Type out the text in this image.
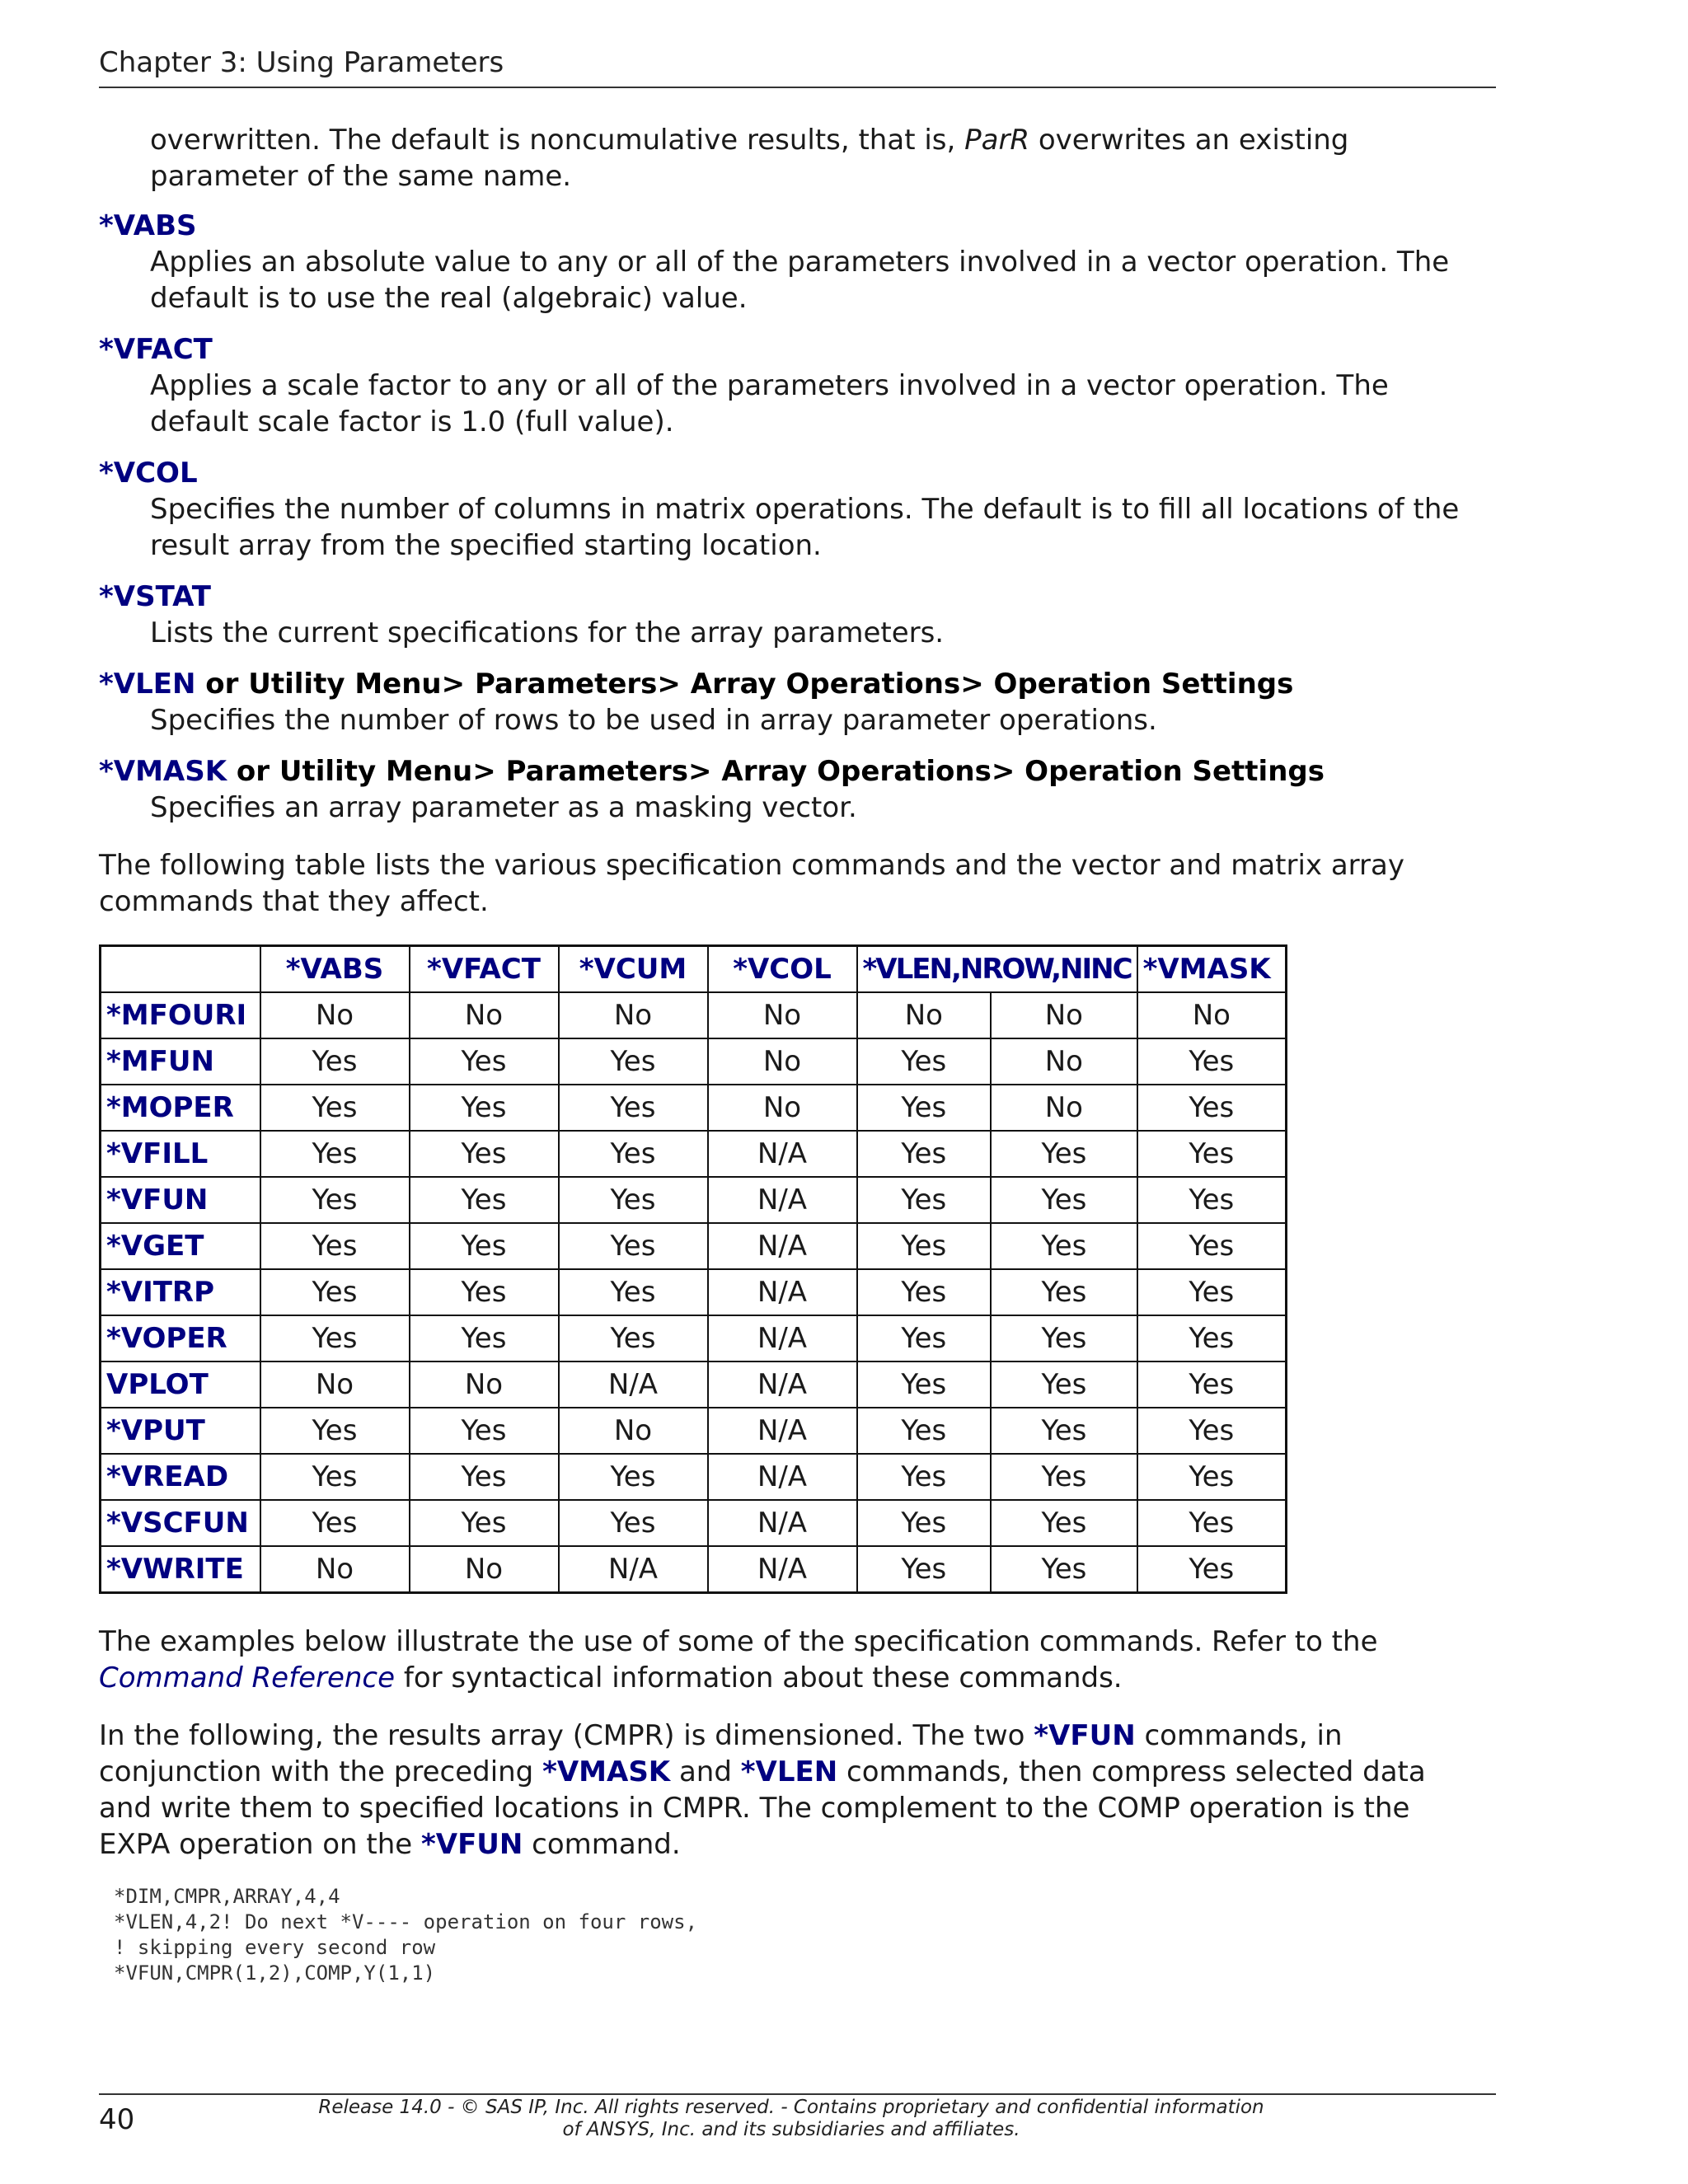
Chapter 3: Using Parameters

overwritten. The default is noncumulative results, that is, ParR overwrites an existing parameter of the same name.

*VABS

Applies an absolute value to any or all of the parameters involved in a vector operation. The default is to use the real (algebraic) value.

*VFACT

Applies a scale factor to any or all of the parameters involved in a vector operation. The default scale factor is 1.0 (full value).

*VCOL

Specifies the number of columns in matrix operations. The default is to fill all locations of the result array from the specified starting location.

*VSTAT

Lists the current specifications for the array parameters.

*VLEN or Utility Menu> Parameters> Array Operations> Operation Settings

Specifies the number of rows to be used in array parameter operations.

*VMASK or Utility Menu> Parameters> Array Operations> Operation Settings

Specifies an array parameter as a masking vector.

The following table lists the various specification commands and the vector and matrix array commands that they affect.

	*VABS	*VFACT	*VCUM	*VCOL	*VLEN,NROW,NINC		*VMASK
*MFOURI	No	No	No	No	No	No	No
*MFUN	Yes	Yes	Yes	No	Yes	No	Yes
*MOPER	Yes	Yes	Yes	No	Yes	No	Yes
*VFILL	Yes	Yes	Yes	N/A	Yes	Yes	Yes
*VFUN	Yes	Yes	Yes	N/A	Yes	Yes	Yes
*VGET	Yes	Yes	Yes	N/A	Yes	Yes	Yes
*VITRP	Yes	Yes	Yes	N/A	Yes	Yes	Yes
*VOPER	Yes	Yes	Yes	N/A	Yes	Yes	Yes
VPLOT	No	No	N/A	N/A	Yes	Yes	Yes
*VPUT	Yes	Yes	No	N/A	Yes	Yes	Yes
*VREAD	Yes	Yes	Yes	N/A	Yes	Yes	Yes
*VSCFUN	Yes	Yes	Yes	N/A	Yes	Yes	Yes
*VWRITE	No	No	N/A	N/A	Yes	Yes	Yes

The examples below illustrate the use of some of the specification commands. Refer to the Command Reference for syntactical information about these commands.

In the following, the results array (CMPR) is dimensioned. The two *VFUN commands, in conjunction with the preceding *VMASK and *VLEN commands, then compress selected data and write them to specified locations in CMPR. The complement to the COMP operation is the EXPA operation on the *VFUN command.

*DIM,CMPR,ARRAY,4,4
*VLEN,4,2! Do next *V---- operation on four rows,
! skipping every second row
*VFUN,CMPR(1,2),COMP,Y(1,1)
40	Release 14.0 - © SAS IP, Inc. All rights reserved. - Contains proprietary and confidential information
of ANSYS, Inc. and its subsidiaries and affiliates.
